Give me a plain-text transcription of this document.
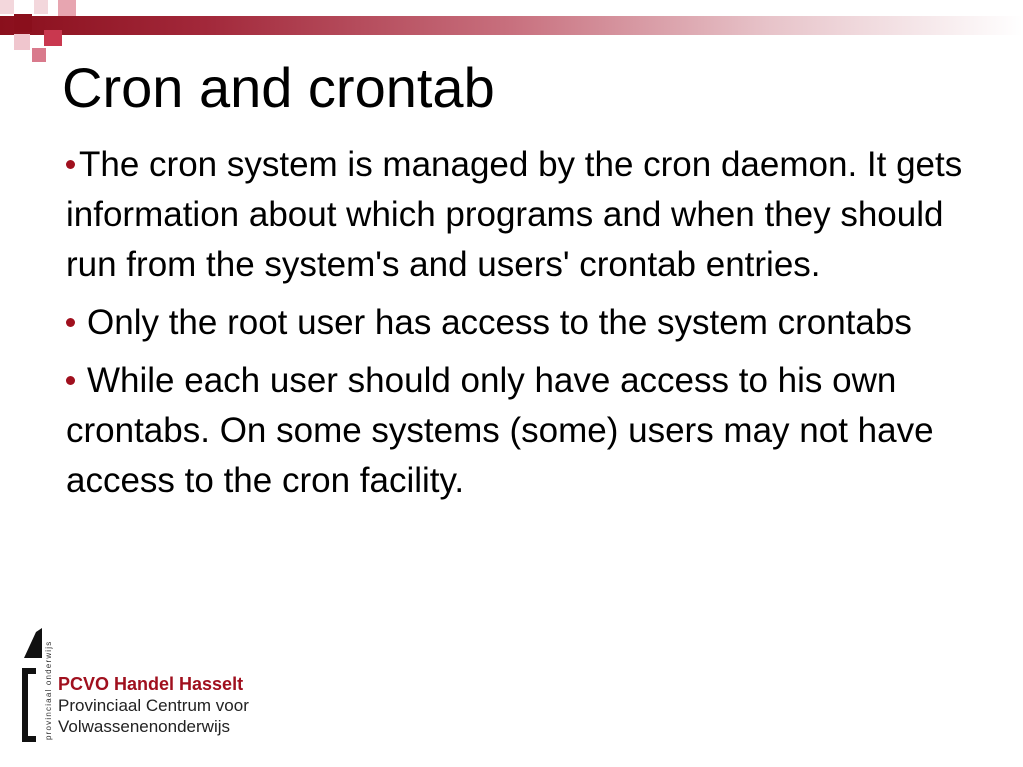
Cron and crontab

The cron system is managed by the cron daemon. It gets information about which programs and when they should run from the system's and users' crontab entries.

Only the root user has access to the system crontabs

While each user should only have access to his own crontabs. On some systems (some) users may not have access to the cron facility.

provinciaal onderwijs PCVO Handel Hasselt
Provinciaal Centrum voor
Volwassenenonderwijs
